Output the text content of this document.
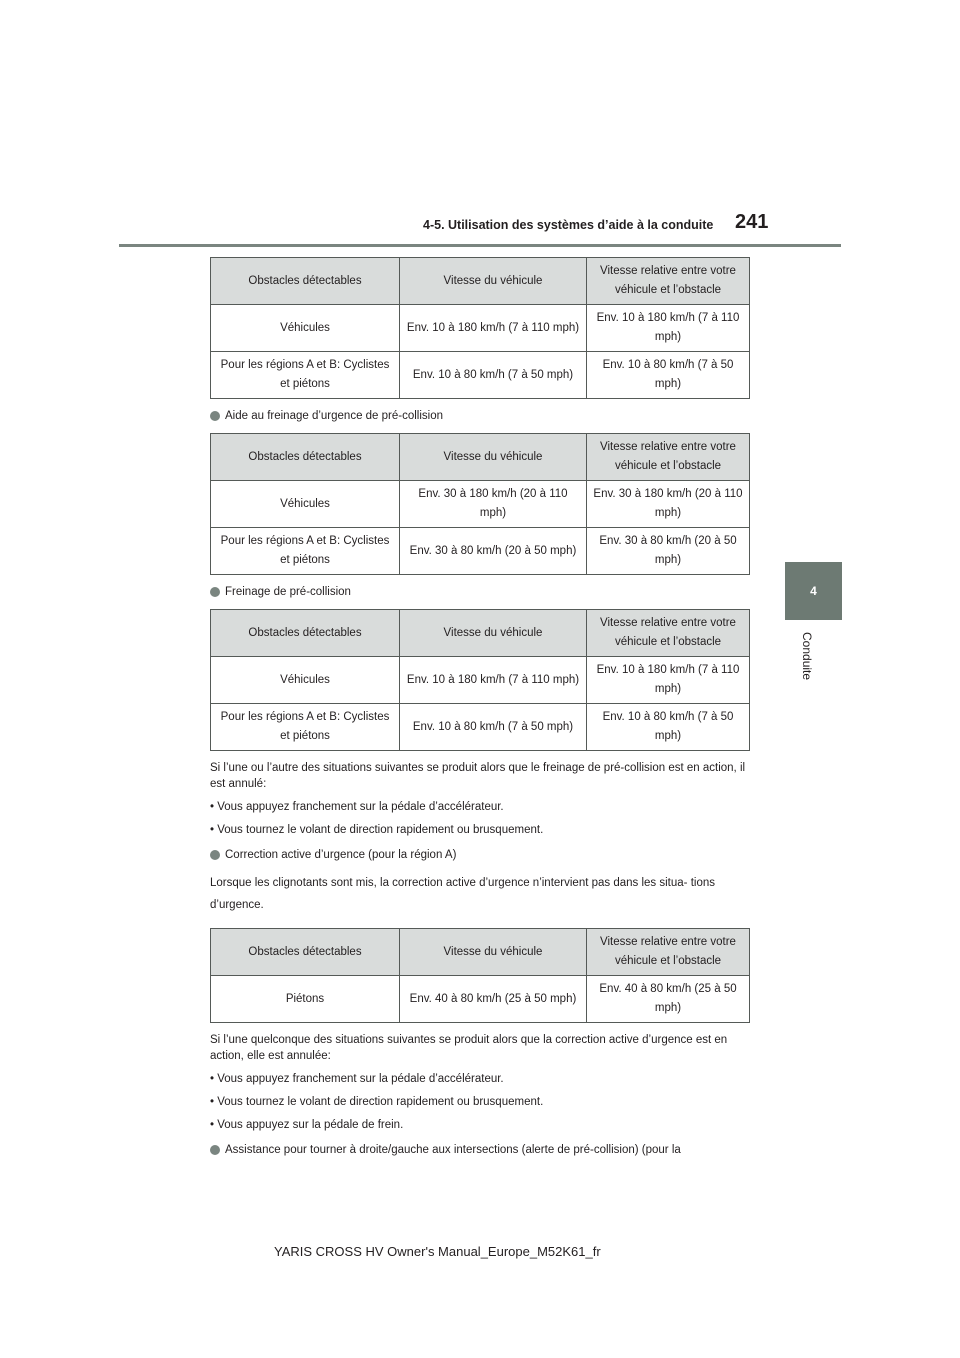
4-5. Utilisation des systèmes d’aide à la conduite 241
4
Conduite
Obstacles détectables	Vitesse du véhicule	Vitesse relative entre votre véhicule et l’obstacle
Véhicules	Env. 10 à 180 km/h (7 à 110 mph)	Env. 10 à 180 km/h (7 à 110 mph)
Pour les régions A et B: Cyclistes et piétons	Env. 10 à 80 km/h (7 à 50 mph)	Env. 10 à 80 km/h (7 à 50 mph)
Aide au freinage d’urgence de pré-collision
Obstacles détectables	Vitesse du véhicule	Vitesse relative entre votre véhicule et l’obstacle
Véhicules	Env. 30 à 180 km/h (20 à 110 mph)	Env. 30 à 180 km/h (20 à 110 mph)
Pour les régions A et B: Cyclistes et piétons	Env. 30 à 80 km/h (20 à 50 mph)	Env. 30 à 80 km/h (20 à 50 mph)
Freinage de pré-collision
Obstacles détectables	Vitesse du véhicule	Vitesse relative entre votre véhicule et l’obstacle
Véhicules	Env. 10 à 180 km/h (7 à 110 mph)	Env. 10 à 180 km/h (7 à 110 mph)
Pour les régions A et B: Cyclistes et piétons	Env. 10 à 80 km/h (7 à 50 mph)	Env. 10 à 80 km/h (7 à 50 mph)
Si l’une ou l’autre des situations suivantes se produit alors que le freinage de pré-collision est en action, il est annulé:
• Vous appuyez franchement sur la pédale d’accélérateur.
• Vous tournez le volant de direction rapidement ou brusquement.
Correction active d’urgence (pour la région A)
Lorsque les clignotants sont mis, la correction active d’urgence n’intervient pas dans les situa- tions d’urgence.
Obstacles détectables	Vitesse du véhicule	Vitesse relative entre votre véhicule et l’obstacle
Piétons	Env. 40 à 80 km/h (25 à 50 mph)	Env. 40 à 80 km/h (25 à 50 mph)
Si l’une quelconque des situations suivantes se produit alors que la correction active d’urgence est en action, elle est annulée:
• Vous appuyez franchement sur la pédale d’accélérateur.
• Vous tournez le volant de direction rapidement ou brusquement.
• Vous appuyez sur la pédale de frein.
Assistance pour tourner à droite/gauche aux intersections (alerte de pré-collision) (pour la
YARIS CROSS HV Owner's Manual_Europe_M52K61_fr
